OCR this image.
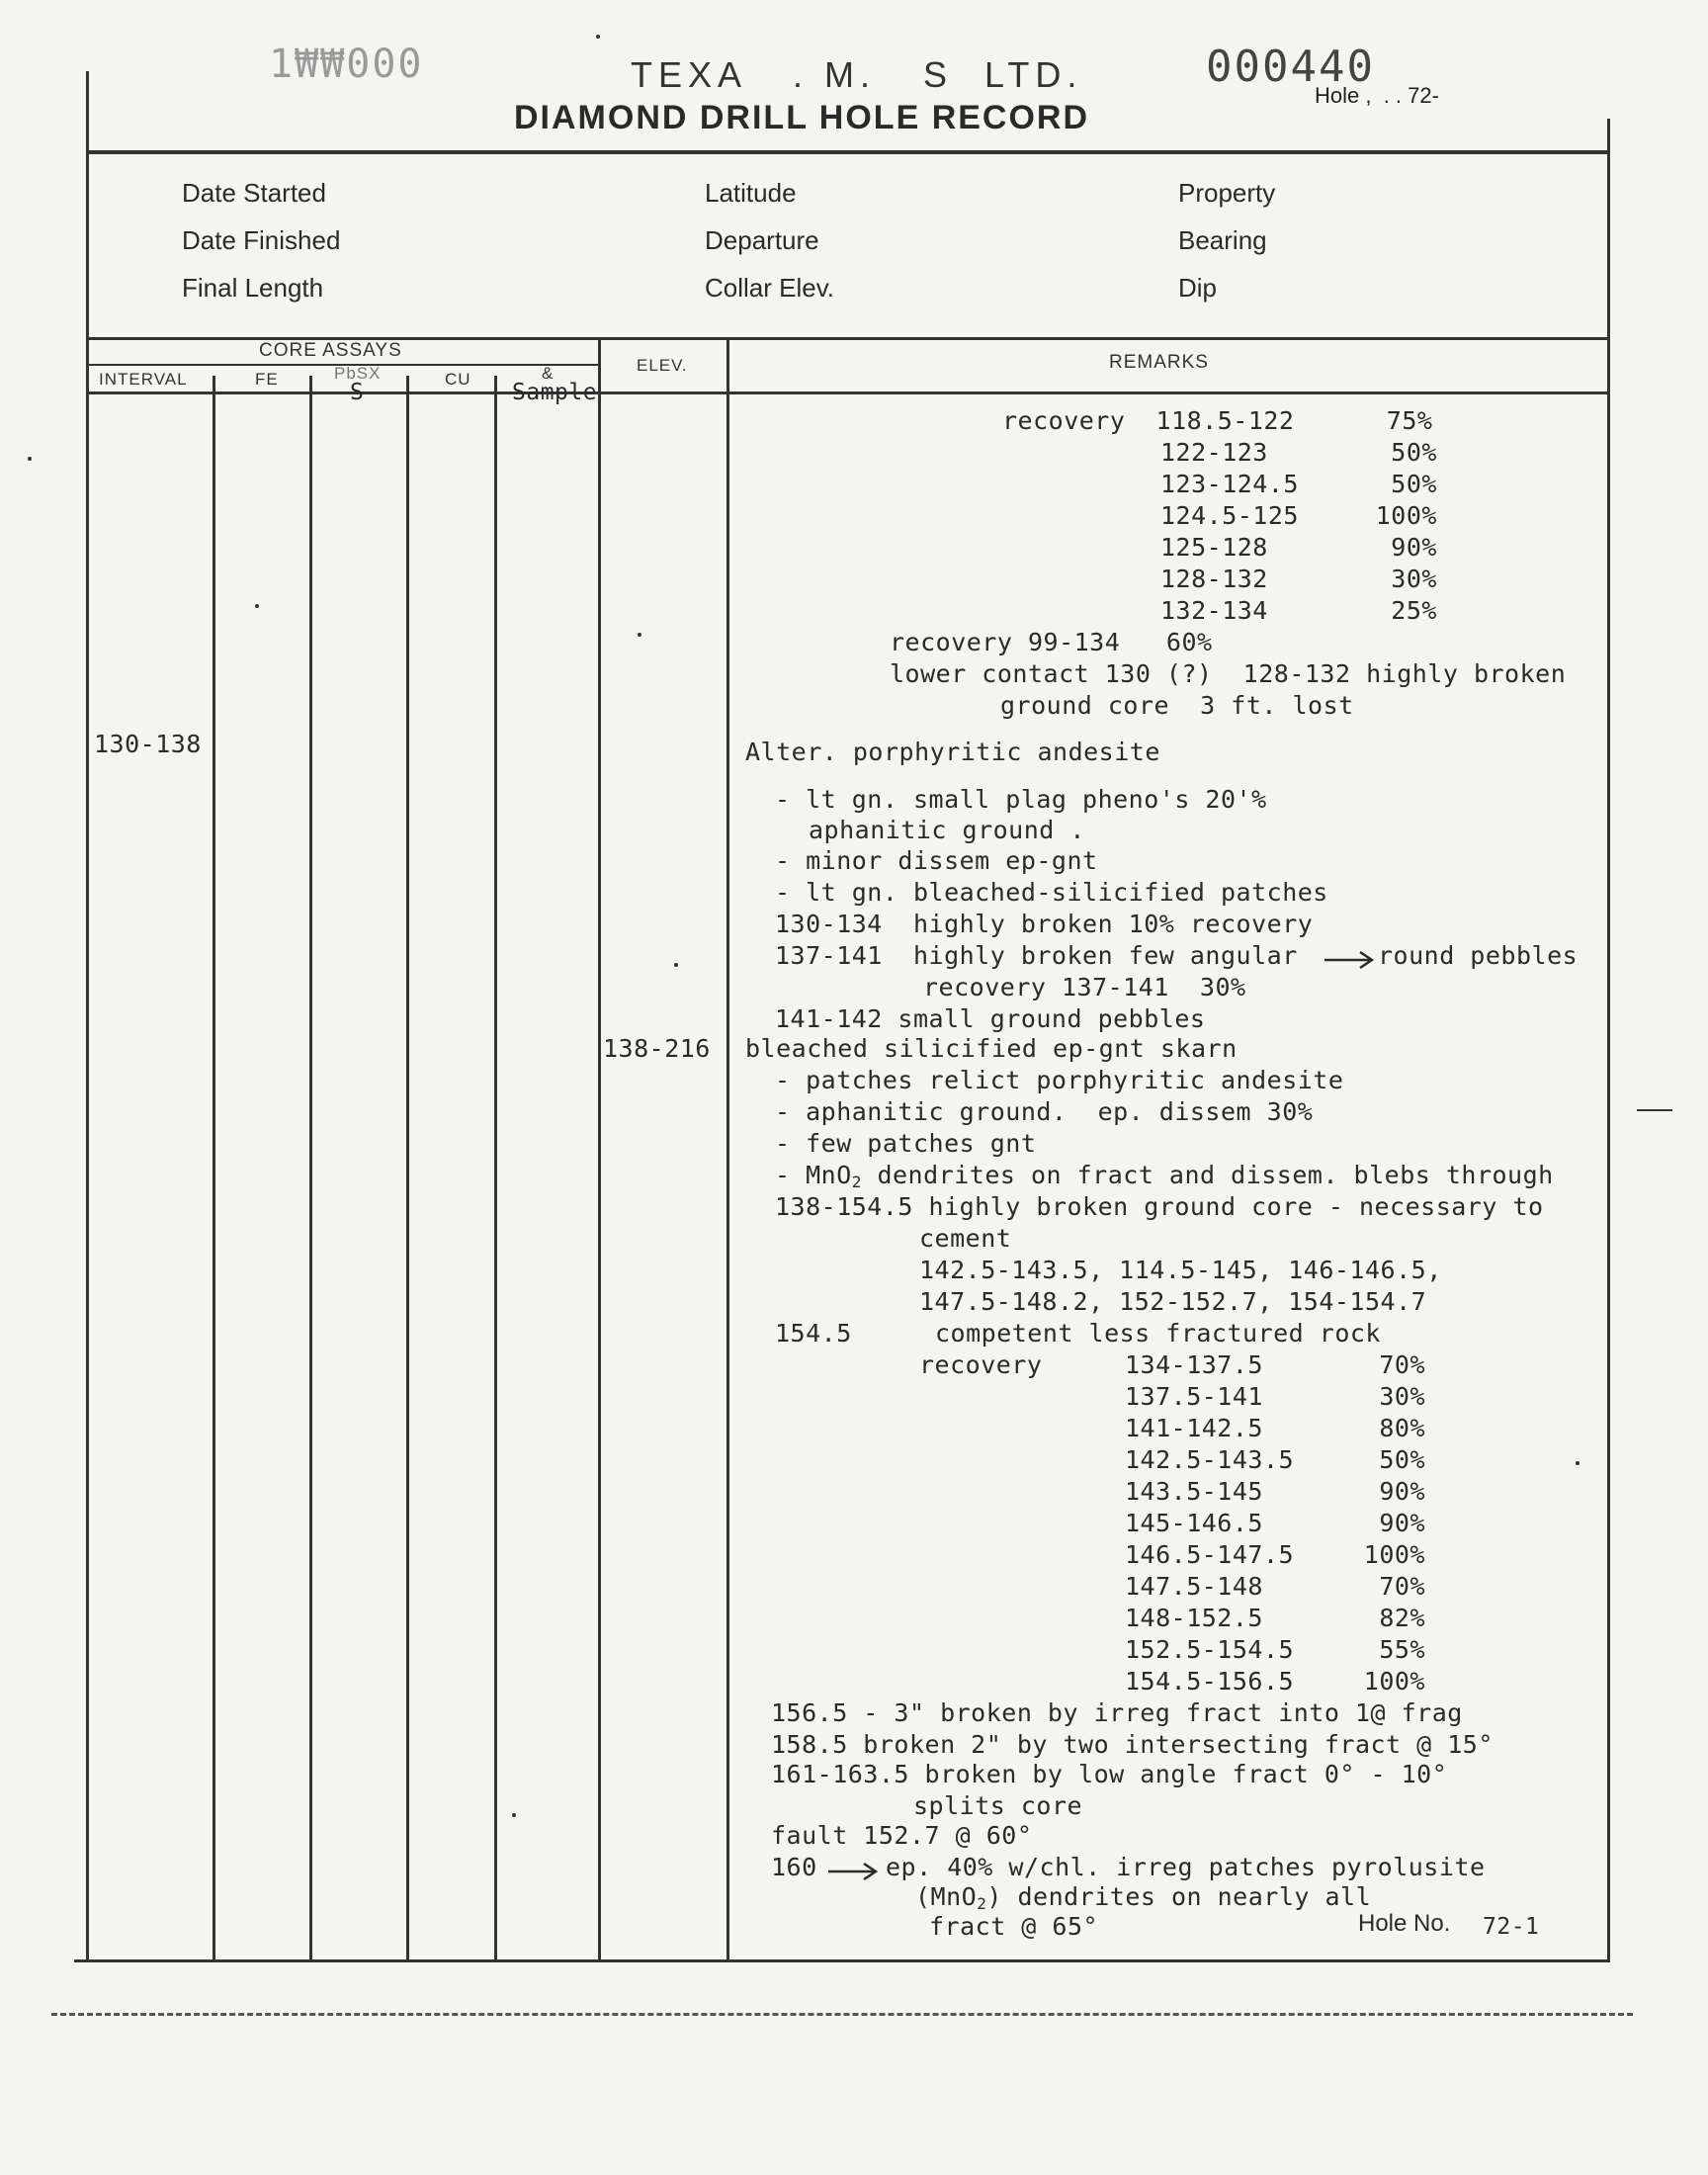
1₩₩000	TEXA   . M.   S  LTD.	000440
Hole ,  . . 72-
DIAMOND DRILL HOLE RECORD
Date Started
Date Finished
Final Length
Latitude
Departure
Collar Elev.
Property
Bearing
Dip
CORE ASSAYS
INTERVAL	FE	PbSX
S
CU	&
Sample
ELEV.	REMARKS
130-138
138-216
recovery  118.5-122      75%
122-123        50%
123-124.5      50%
124.5-125     100%
125-128        90%
128-132        30%
132-134        25%
recovery 99-134   60%
lower contact 130 (?)  128-132 highly broken
ground core  3 ft. lost
Alter. porphyritic andesite
- lt gn. small plag pheno's 20'%
aphanitic ground .
- minor dissem ep-gnt
- lt gn. bleached-silicified patches
130-134  highly broken 10% recovery
137-141  highly broken few angular	round pebbles
recovery 137-141  30%
141-142 small ground pebbles
bleached silicified ep-gnt skarn
- patches relict porphyritic andesite
- aphanitic ground.  ep. dissem 30%
- few patches gnt
- MnO$_2$ dendrites on fract and dissem. blebs through
138-154.5 highly broken ground core - necessary to
cement
142.5-143.5, 114.5-145, 146-146.5,
147.5-148.2, 152-152.7, 154-154.7
154.5	competent less fractured rock
recovery	134-137.5	70%
137.5-141	30%
141-142.5	80%
142.5-143.5	50%
143.5-145	90%
145-146.5	90%
146.5-147.5	100%
147.5-148	70%
148-152.5	82%
152.5-154.5	55%
154.5-156.5	100%
156.5 - 3" broken by irreg fract into 1@ frag
158.5 broken 2" by two intersecting fract @ 15°
161-163.5 broken by low angle fract 0° - 10°
splits core
fault 152.7 @ 60°
160	ep. 40% w/chl. irreg patches pyrolusite
(MnO$_2$) dendrites on nearly all
fract @ 65°	Hole No. 72-1
